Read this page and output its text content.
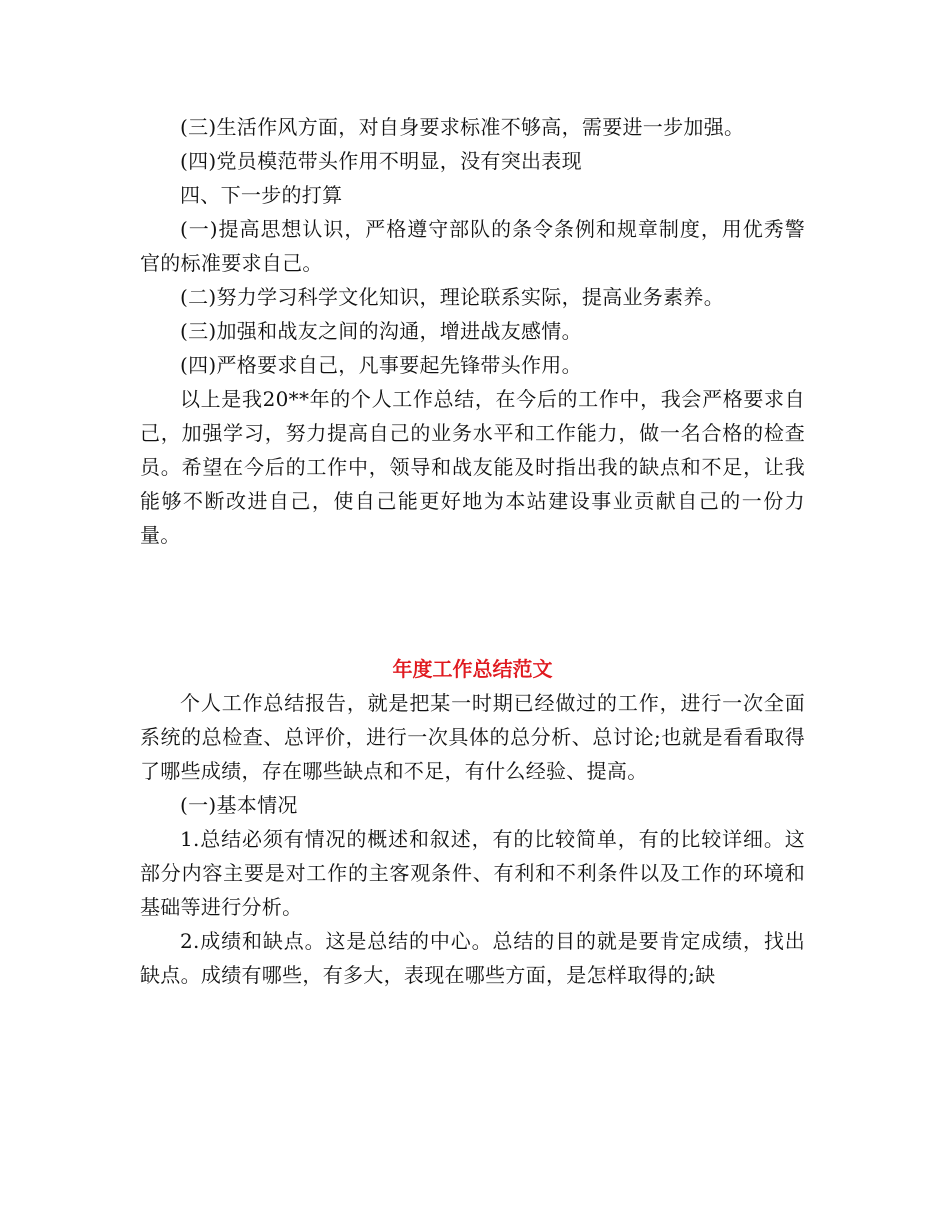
(三)生活作风方面，对自身要求标准不够高，需要进一步加强。

(四)党员模范带头作用不明显，没有突出表现

四、下一步的打算

(一)提高思想认识，严格遵守部队的条令条例和规章制度，用优秀警官的标准要求自己。

(二)努力学习科学文化知识，理论联系实际，提高业务素养。

(三)加强和战友之间的沟通，增进战友感情。

(四)严格要求自己，凡事要起先锋带头作用。

以上是我20**年的个人工作总结，在今后的工作中，我会严格要求自己，加强学习，努力提高自己的业务水平和工作能力，做一名合格的检查员。希望在今后的工作中，领导和战友能及时指出我的缺点和不足，让我能够不断改进自己，使自己能更好地为本站建设事业贡献自己的一份力量。

年度工作总结范文

个人工作总结报告，就是把某一时期已经做过的工作，进行一次全面系统的总检查、总评价，进行一次具体的总分析、总讨论;也就是看看取得了哪些成绩，存在哪些缺点和不足，有什么经验、提高。

(一)基本情况

1.总结必须有情况的概述和叙述，有的比较简单，有的比较详细。这部分内容主要是对工作的主客观条件、有利和不利条件以及工作的环境和基础等进行分析。

2.成绩和缺点。这是总结的中心。总结的目的就是要肯定成绩，找出缺点。成绩有哪些，有多大，表现在哪些方面，是怎样取得的;缺
